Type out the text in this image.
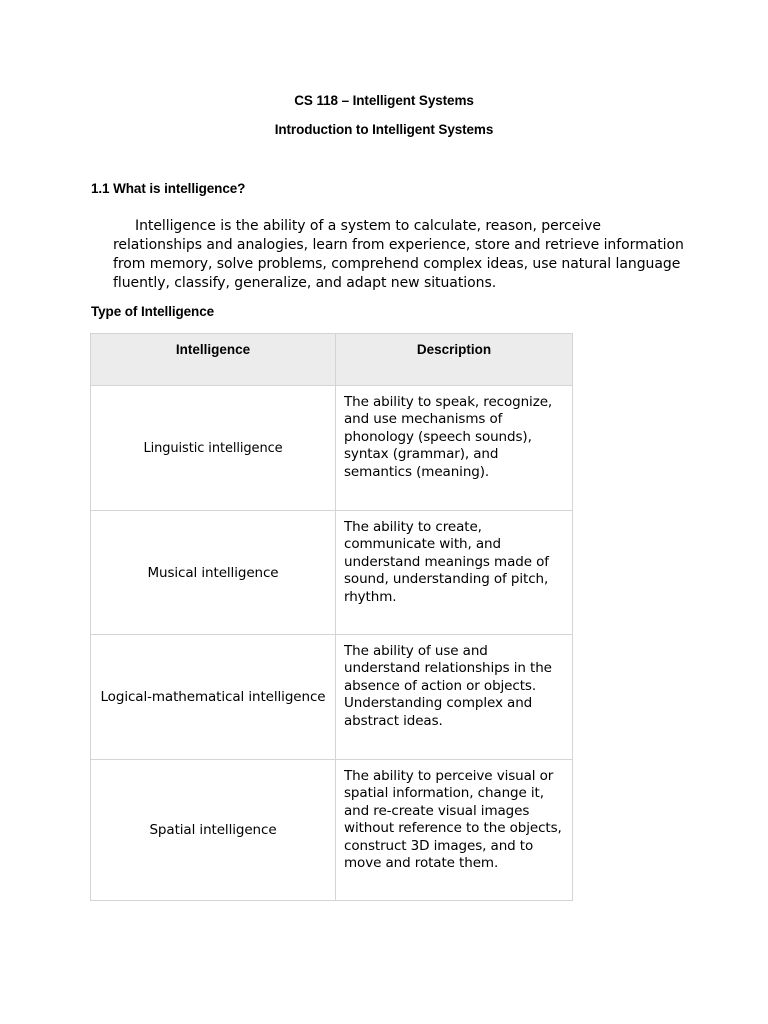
CS 118 – Intelligent Systems
Introduction to Intelligent Systems
1.1 What is intelligence?
Intelligence is the ability of a system to calculate, reason, perceive relationships and analogies, learn from experience, store and retrieve information from memory, solve problems, comprehend complex ideas, use natural language fluently, classify, generalize, and adapt new situations.
Type of Intelligence
Intelligence	Description
Linguistic intelligence	The ability to speak, recognize, and use mechanisms of phonology (speech sounds), syntax (grammar), and semantics (meaning).
Musical intelligence	The ability to create, communicate with, and understand meanings made of sound, understanding of pitch, rhythm.
Logical-mathematical intelligence	The ability of use and understand relationships in the absence of action or objects. Understanding complex and abstract ideas.
Spatial intelligence	The ability to perceive visual or spatial information, change it, and re-create visual images without reference to the objects, construct 3D images, and to move and rotate them.
